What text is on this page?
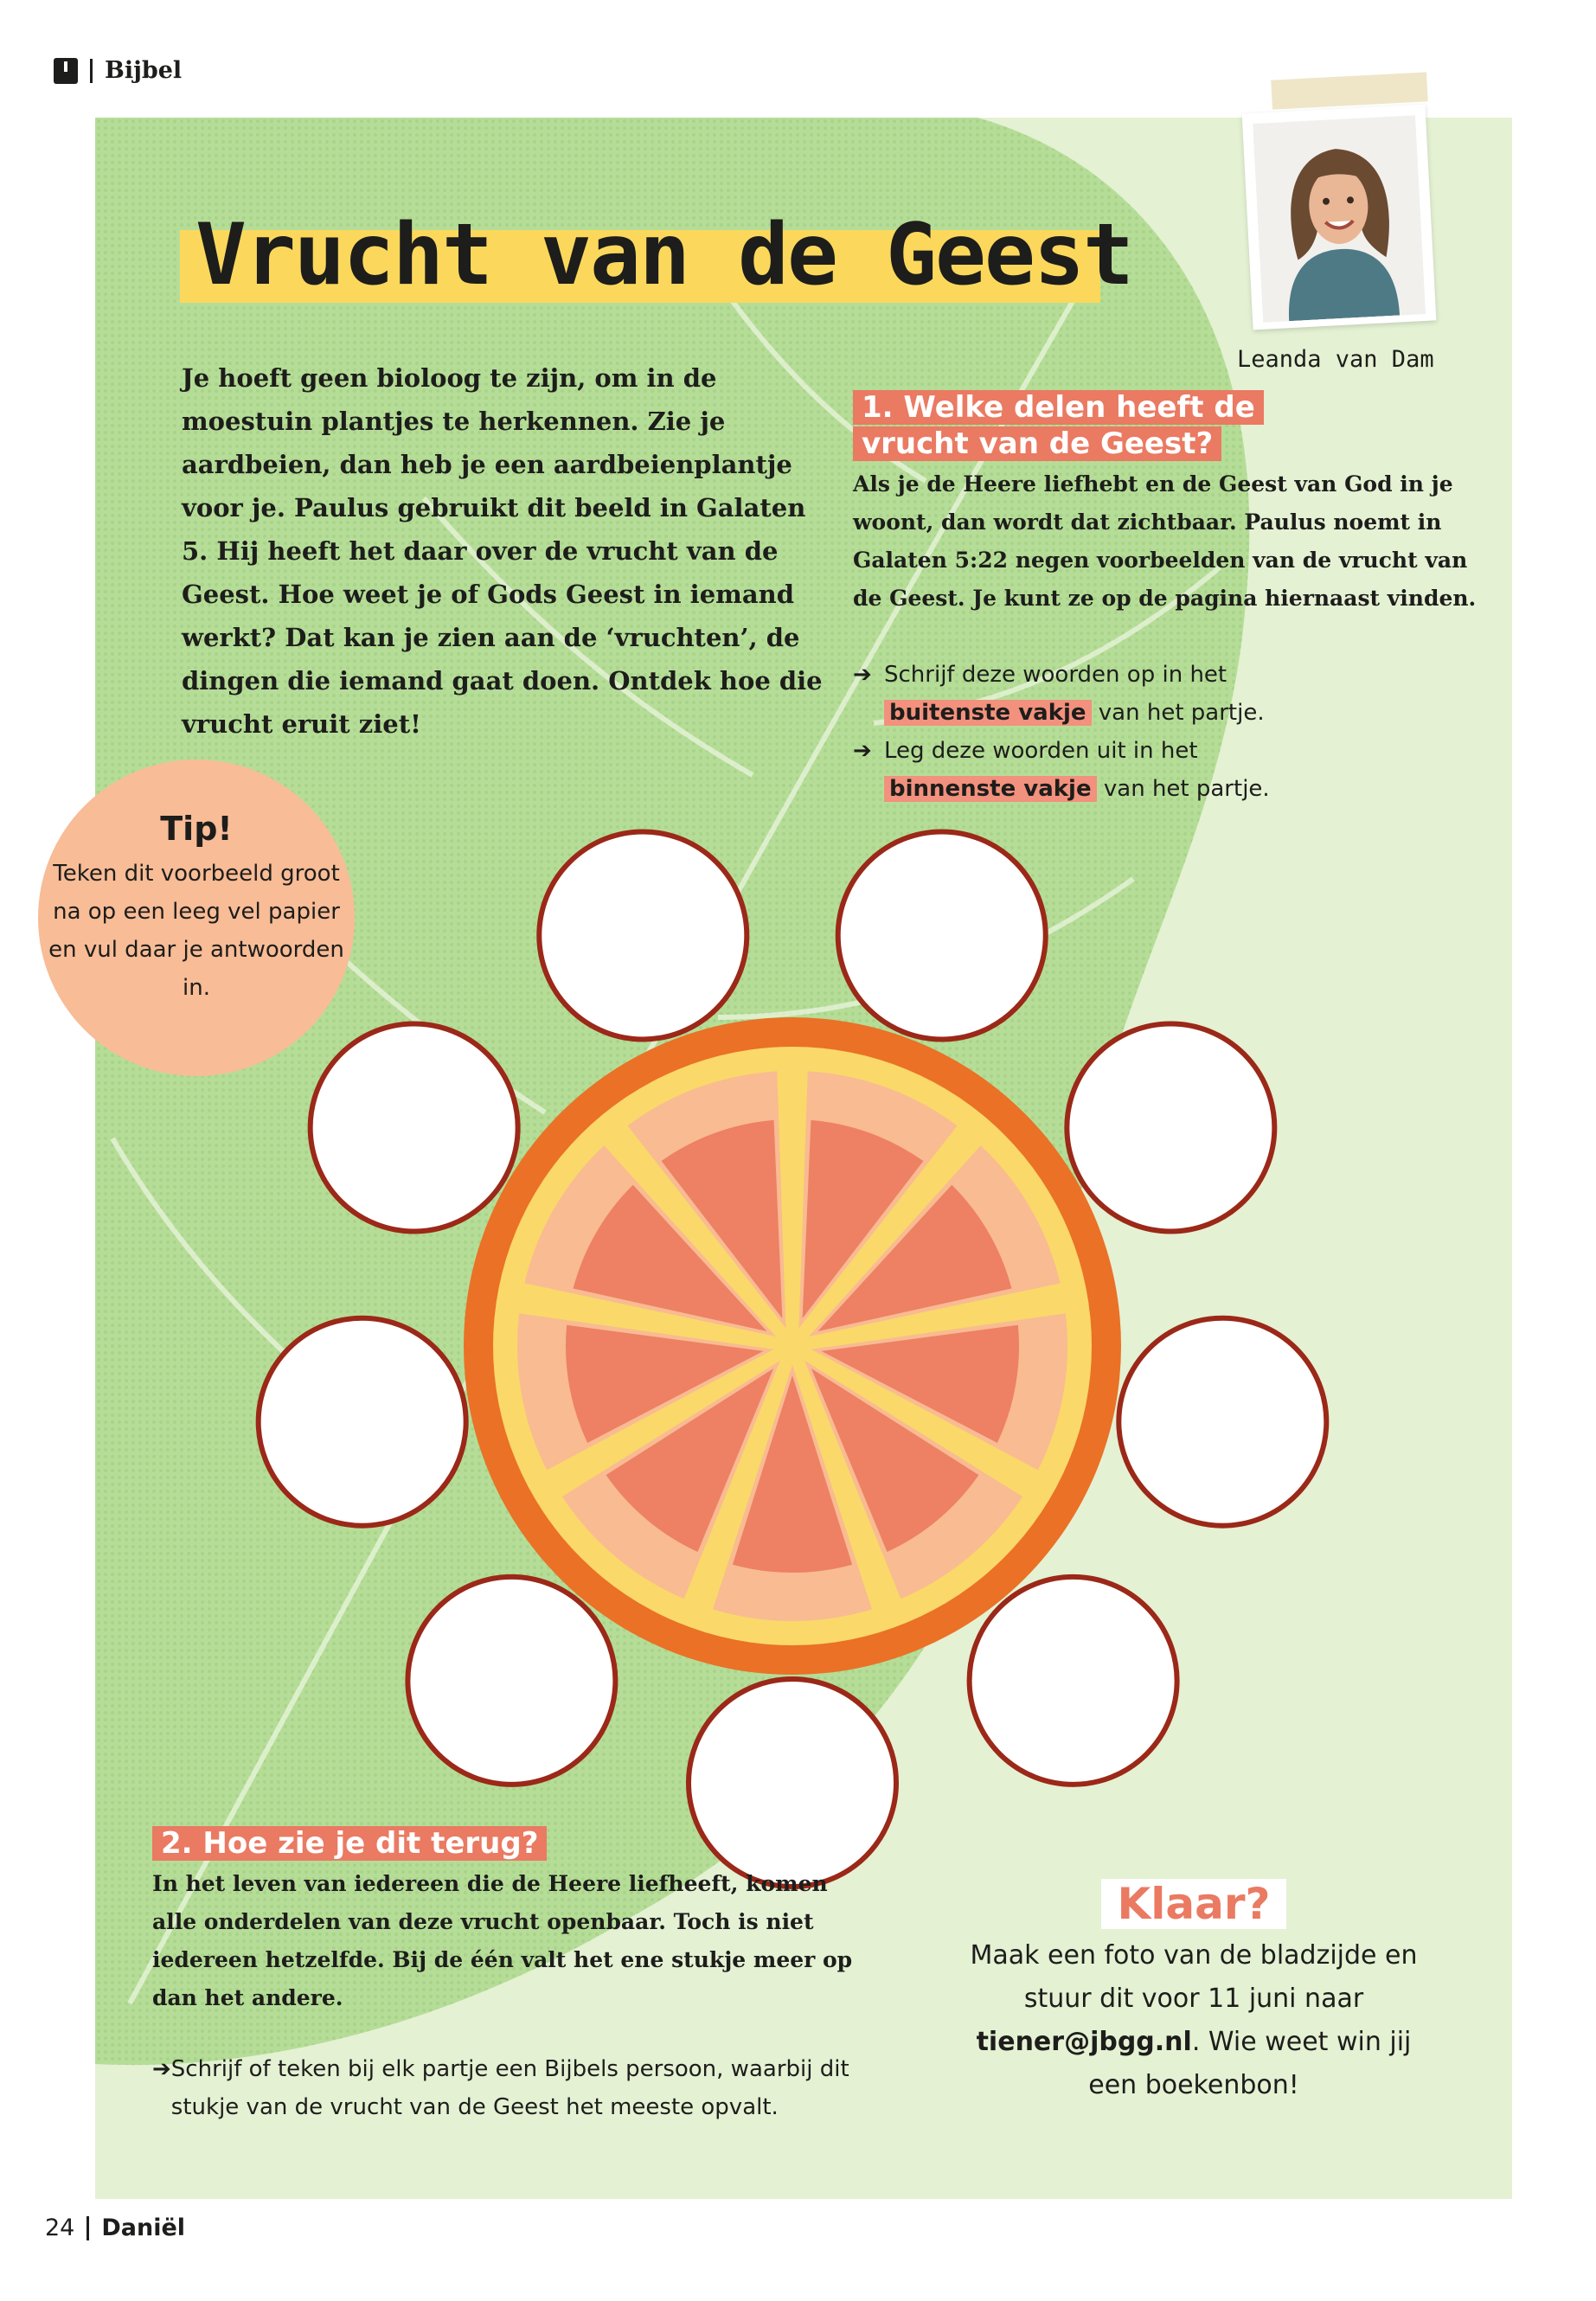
Bijbel
Leanda van Dam
Vrucht van de Geest

Je hoeft geen bioloog te zijn, om in de moestuin plantjes te herkennen. Zie je aardbeien, dan heb je een aardbeienplantje voor je. Paulus gebruikt dit beeld in Galaten 5. Hij heeft het daar over de vrucht van de Geest. Hoe weet je of Gods Geest in iemand werkt? Dat kan je zien aan de ‘vruchten’, de dingen die iemand gaat doen. Ontdek hoe die vrucht eruit ziet!

1. Welke delen heeft de vrucht van de Geest?

Als je de Heere liefhebt en de Geest van God in je woont, dan wordt dat zichtbaar. Paulus noemt in Galaten 5:22 negen voorbeelden van de vrucht van de Geest. Je kunt ze op de pagina hiernaast vinden.

➔ Schrijf deze woorden op in het
buitenste vakje van het partje.
➔ Leg deze woorden uit in het
binnenste vakje van het partje.
Tip!
Teken dit voorbeeld groot na op een leeg vel papier en vul daar je antwoorden in.
2. Hoe zie je dit terug?

In het leven van iedereen die de Heere liefheeft, komen alle onderdelen van deze vrucht openbaar. Toch is niet iedereen hetzelfde. Bij de één valt het ene stukje meer op dan het andere.

➔ Schrijf of teken bij elk partje een Bijbels persoon, waarbij dit stukje van de vrucht van de Geest het meeste opvalt.
Klaar?

Maak een foto van de bladzijde en stuur dit voor 11 juni naar tiener@jbgg.nl. Wie weet win jij een boekenbon!

24 Daniël
